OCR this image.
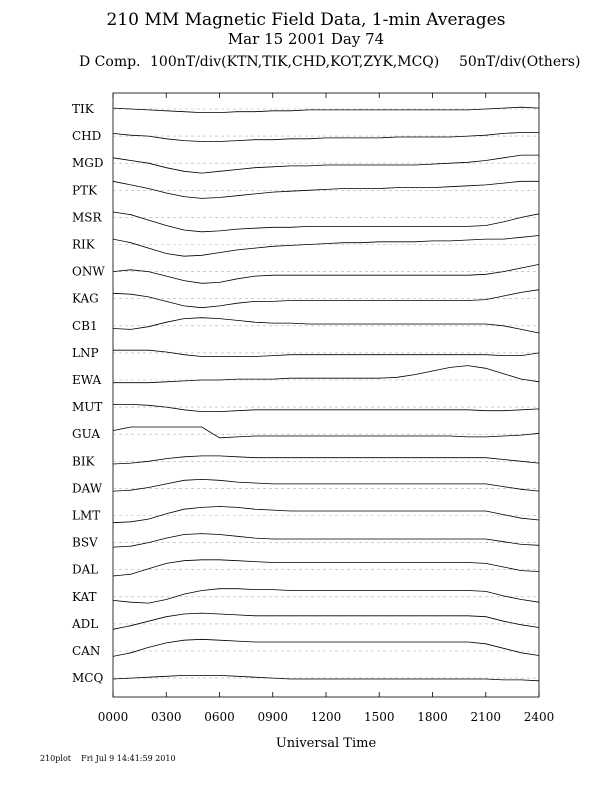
210 MM Magnetic Field Data, 1-min Averages
Mar 15 2001 Day 74
D Comp. 100nT/div(KTN,TIK,CHD,KOT,ZYK,MCQ) 50nT/div(Others)
TIK
CHD
MGD
PTK
MSR
RIK
ONW
KAG
CB1
LNP
EWA
MUT
GUA
BIK
DAW
LMT
BSV
DAL
KAT
ADL
CAN
MCQ
0000 0300 0600 0900 1200 1500 1800 2100 2400
Universal Time
210plot Fri Jul 9 14:41:59 2010
